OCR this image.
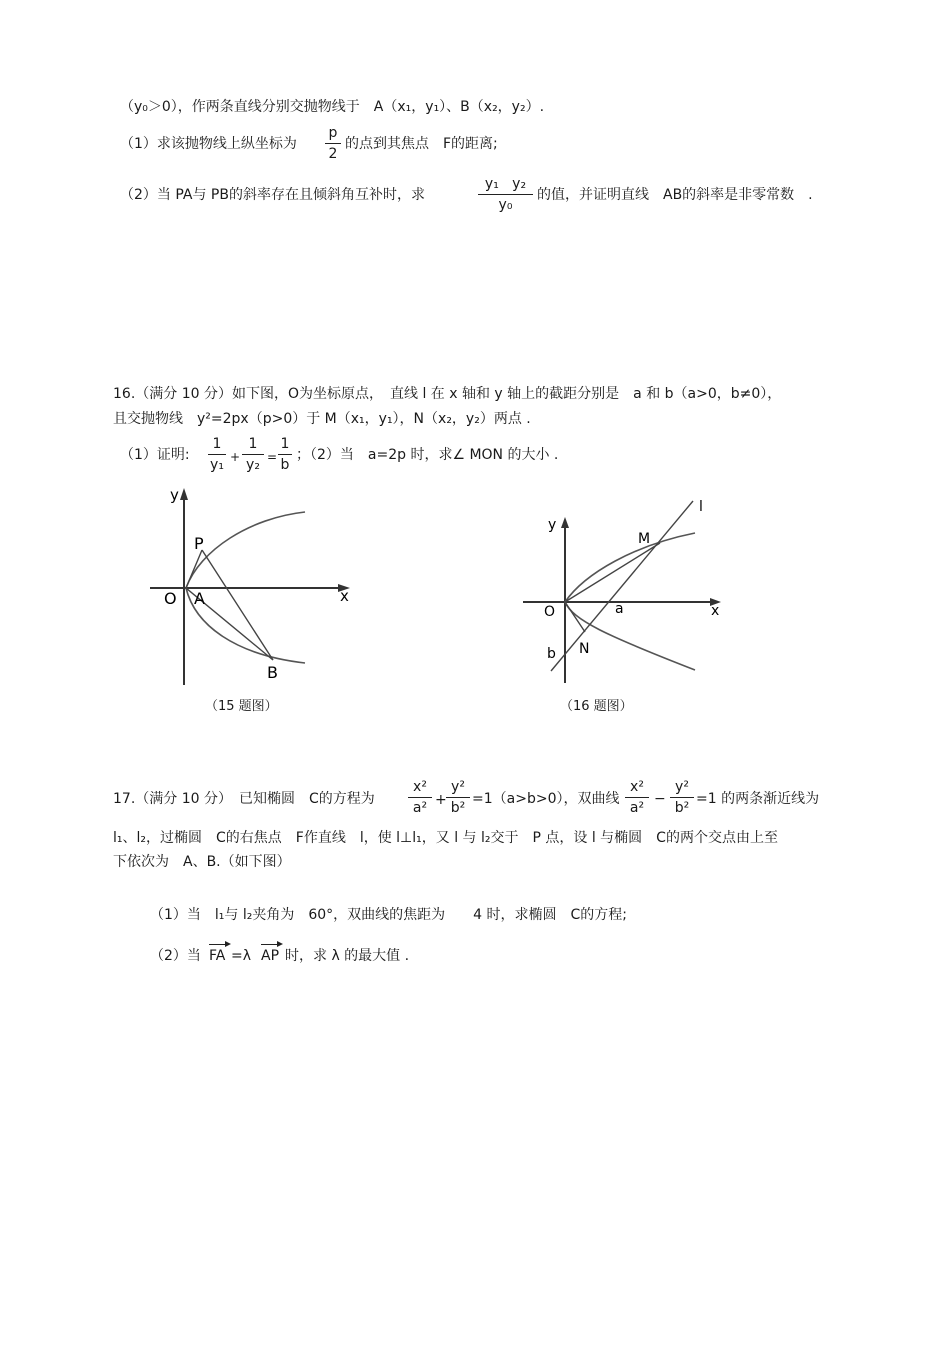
（y₀＞0），作两条直线分别交抛物线于　A（x₁，y₁）、B（x₂，y₂）.
（1）求该抛物线上纵坐标为
p
2
的点到其焦点　F的距离;
（2）当 PA与 PB的斜率存在且倾斜角互补时，求
y₁ y₂
y₀
的值，并证明直线　AB的斜率是非零常数　.
16.（满分 10 分）如下图，O为坐标原点，　直线 l 在 x 轴和 y 轴上的截距分别是　a 和 b（a>0，b≠0），
且交抛物线　y²=2px（p>0）于 M（x₁，y₁），N（x₂，y₂）两点 .
（1）证明:
1
y₁ +
1
y₂ =
1
b
；（2）当　a=2p 时，求∠ MON 的大小 .
y
x
O
P
A
B
（15 题图）
l
y
x
O
M
N
a
b
（16 题图）
17.（满分 10 分）　已知椭圆　C的方程为
x²
a² +
y²
b²
=1（a>b>0），双曲线
x²
a²
−
y²
b²
=1 的两条渐近线为
l₁、l₂，过椭圆　C的右焦点　F作直线　l，使 l⊥l₁，又 l 与 l₂交于　P 点，设 l 与椭圆　C的两个交点由上至
下依次为　A、B.（如下图）
（1）当　l₁与 l₂夹角为　60°，双曲线的焦距为　　4 时，求椭圆　C的方程;
（2）当 FA =λ AP 时，求 λ 的最大值 .
